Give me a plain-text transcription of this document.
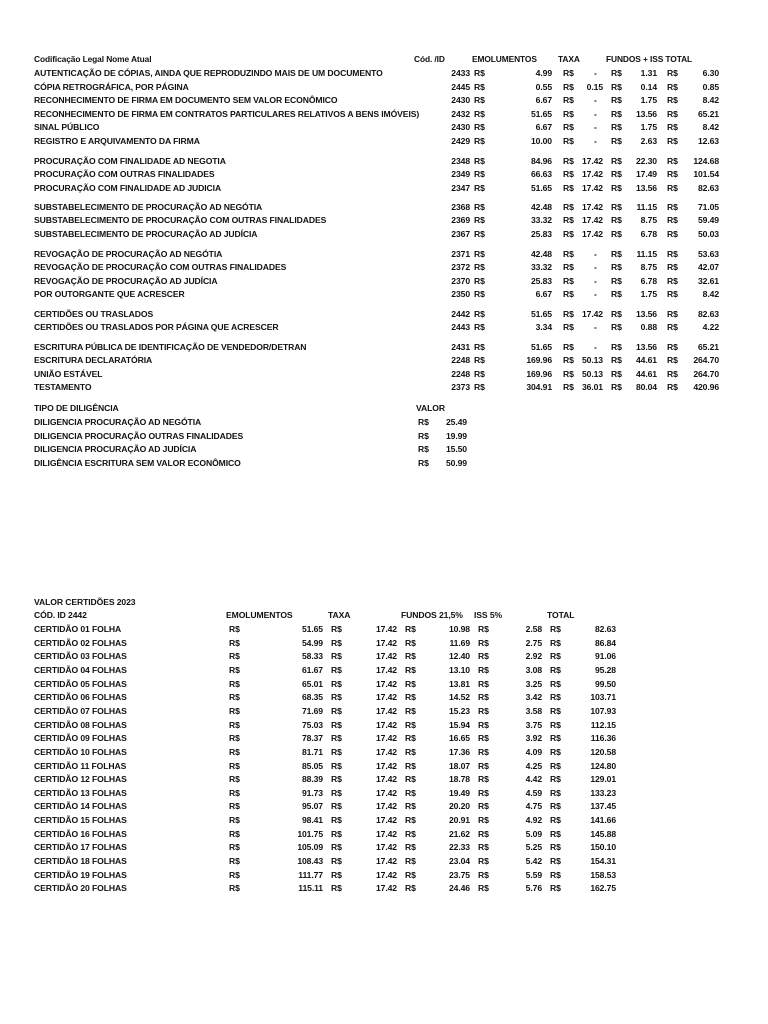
Codificação Legal Nome Atual	Cód. /ID	EMOLUMENTOS	TAXA	FUNDOS + ISS TOTAL
AUTENTICAÇÃO DE CÓPIAS, AINDA QUE REPRODUZINDO MAIS DE UM DOCUMENTO	2433 R$	4.99 R$ - R$	1.31 R$	6.30
CÓPIA RETROGRÁFICA, POR PÁGINA	2445 R$	0.55 R$	0.15 R$	0.14 R$	0.85
RECONHECIMENTO DE FIRMA EM DOCUMENTO SEM VALOR ECONÔMICO	2430 R$	6.67 R$ - R$	1.75 R$	8.42
RECONHECIMENTO DE FIRMA EM CONTRATOS PARTICULARES RELATIVOS A BENS IMÓVEIS)	2432 R$	51.65 R$ - R$	13.56 R$	65.21
SINAL PÚBLICO	2430 R$	6.67 R$ - R$	1.75 R$	8.42
REGISTRO E ARQUIVAMENTO DA FIRMA	2429 R$	10.00 R$ - R$	2.63 R$	12.63
PROCURAÇÃO COM FINALIDADE AD NEGOTIA	2348 R$	84.96 R$ 17.42 R$	22.30 R$	124.68
PROCURAÇÃO COM OUTRAS FINALIDADES	2349 R$	66.63 R$ 17.42 R$	17.49 R$	101.54
PROCURAÇÃO COM FINALIDADE AD JUDICIA	2347 R$	51.65 R$ 17.42 R$	13.56 R$	82.63
SUBSTABELECIMENTO DE PROCURAÇÃO AD NEGÓTIA	2368 R$	42.48 R$ 17.42 R$	11.15 R$	71.05
SUBSTABELECIMENTO DE PROCURAÇÃO COM OUTRAS FINALIDADES	2369 R$	33.32 R$ 17.42 R$	8.75 R$	59.49
SUBSTABELECIMENTO DE PROCURAÇÃO AD JUDÍCIA	2367 R$	25.83 R$ 17.42 R$	6.78 R$	50.03
REVOGAÇÃO DE PROCURAÇÃO AD NEGÓTIA	2371 R$	42.48 R$ - R$	11.15 R$	53.63
REVOGAÇÃO DE PROCURAÇÃO COM OUTRAS FINALIDADES	2372 R$	33.32 R$ - R$	8.75 R$	42.07
REVOGAÇÃO DE PROCURAÇÃO AD JUDÍCIA	2370 R$	25.83 R$ - R$	6.78 R$	32.61
POR OUTORGANTE QUE ACRESCER	2350 R$	6.67 R$ - R$	1.75 R$	8.42
CERTIDÕES OU TRASLADOS	2442 R$	51.65 R$ 17.42 R$	13.56 R$	82.63
CERTIDÕES OU TRASLADOS POR PÁGINA QUE ACRESCER	2443 R$	3.34 R$ - R$	0.88 R$	4.22
ESCRITURA PÚBLICA DE IDENTIFICAÇÃO DE VENDEDOR/DETRAN	2431 R$	51.65 R$ - R$	13.56 R$	65.21
ESCRITURA DECLARATÓRIA	2248 R$	169.96 R$ 50.13 R$	44.61 R$	264.70
UNIÃO ESTÁVEL	2248 R$	169.96 R$ 50.13 R$	44.61 R$	264.70
TESTAMENTO	2373 R$	304.91 R$ 36.01 R$	80.04 R$	420.96
TIPO DE DILIGÊNCIA	VALOR
DILIGENCIA PROCURAÇÃO AD NEGÓTIA	R$	25.49
DILIGENCIA PROCURAÇÃO OUTRAS FINALIDADES	R$	19.99
DILIGENCIA PROCURAÇÃO AD JUDÍCIA	R$	15.50
DILIGÊNCIA ESCRITURA SEM VALOR ECONÔMICO	R$	50.99
VALOR CERTIDÕES 2023
CÓD. ID 2442	EMOLUMENTOS	TAXA	FUNDOS 21,5% ISS 5%	TOTAL
CERTIDÃO 01 FOLHA	R$	51.65 R$	17.42 R$	10.98 R$	2.58 R$	82.63
CERTIDÃO 02 FOLHAS	R$	54.99 R$	17.42 R$	11.69 R$	2.75 R$	86.84
CERTIDÃO 03 FOLHAS	R$	58.33 R$	17.42 R$	12.40 R$	2.92 R$	91.06
CERTIDÃO 04 FOLHAS	R$	61.67 R$	17.42 R$	13.10 R$	3.08 R$	95.28
CERTIDÃO 05 FOLHAS	R$	65.01 R$	17.42 R$	13.81 R$	3.25 R$	99.50
CERTIDÃO 06 FOLHAS	R$	68.35 R$	17.42 R$	14.52 R$	3.42 R$	103.71
CERTIDÃO 07 FOLHAS	R$	71.69 R$	17.42 R$	15.23 R$	3.58 R$	107.93
CERTIDÃO 08 FOLHAS	R$	75.03 R$	17.42 R$	15.94 R$	3.75 R$	112.15
CERTIDÃO 09 FOLHAS	R$	78.37 R$	17.42 R$	16.65 R$	3.92 R$	116.36
CERTIDÃO 10 FOLHAS	R$	81.71 R$	17.42 R$	17.36 R$	4.09 R$	120.58
CERTIDÃO 11 FOLHAS	R$	85.05 R$	17.42 R$	18.07 R$	4.25 R$	124.80
CERTIDÃO 12 FOLHAS	R$	88.39 R$	17.42 R$	18.78 R$	4.42 R$	129.01
CERTIDÃO 13 FOLHAS	R$	91.73 R$	17.42 R$	19.49 R$	4.59 R$	133.23
CERTIDÃO 14 FOLHAS	R$	95.07 R$	17.42 R$	20.20 R$	4.75 R$	137.45
CERTIDÃO 15 FOLHAS	R$	98.41 R$	17.42 R$	20.91 R$	4.92 R$	141.66
CERTIDÃO 16 FOLHAS	R$	101.75 R$	17.42 R$	21.62 R$	5.09 R$	145.88
CERTIDÃO 17 FOLHAS	R$	105.09 R$	17.42 R$	22.33 R$	5.25 R$	150.10
CERTIDÃO 18 FOLHAS	R$	108.43 R$	17.42 R$	23.04 R$	5.42 R$	154.31
CERTIDÃO 19 FOLHAS	R$	111.77 R$	17.42 R$	23.75 R$	5.59 R$	158.53
CERTIDÃO 20 FOLHAS	R$	115.11 R$	17.42 R$	24.46 R$	5.76 R$	162.75
